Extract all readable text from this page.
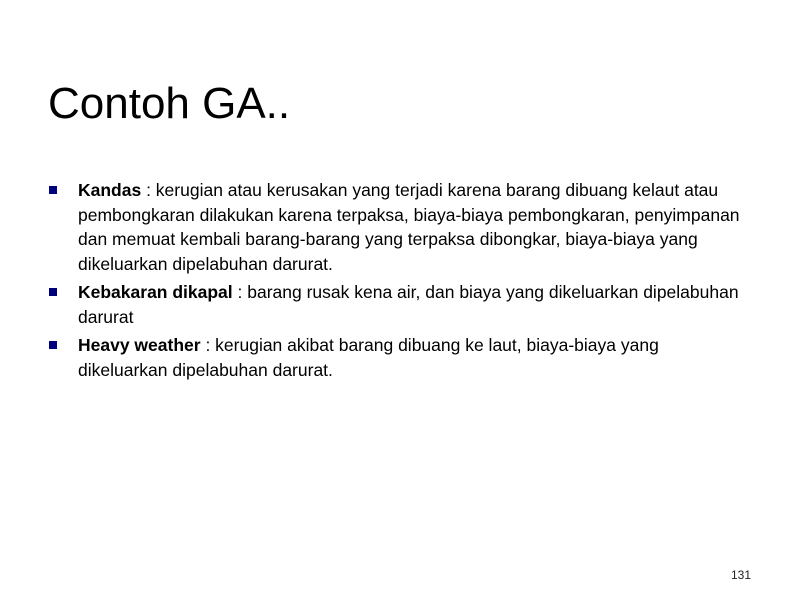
Contoh GA..
Kandas : kerugian atau kerusakan yang terjadi karena barang dibuang kelaut atau pembongkaran dilakukan karena terpaksa, biaya-biaya pembongkaran, penyimpanan dan memuat kembali barang-barang yang terpaksa dibongkar, biaya-biaya yang dikeluarkan dipelabuhan darurat.
Kebakaran dikapal : barang rusak kena air, dan biaya yang dikeluarkan dipelabuhan darurat
Heavy weather : kerugian akibat barang dibuang ke laut, biaya-biaya yang dikeluarkan dipelabuhan darurat.
131
